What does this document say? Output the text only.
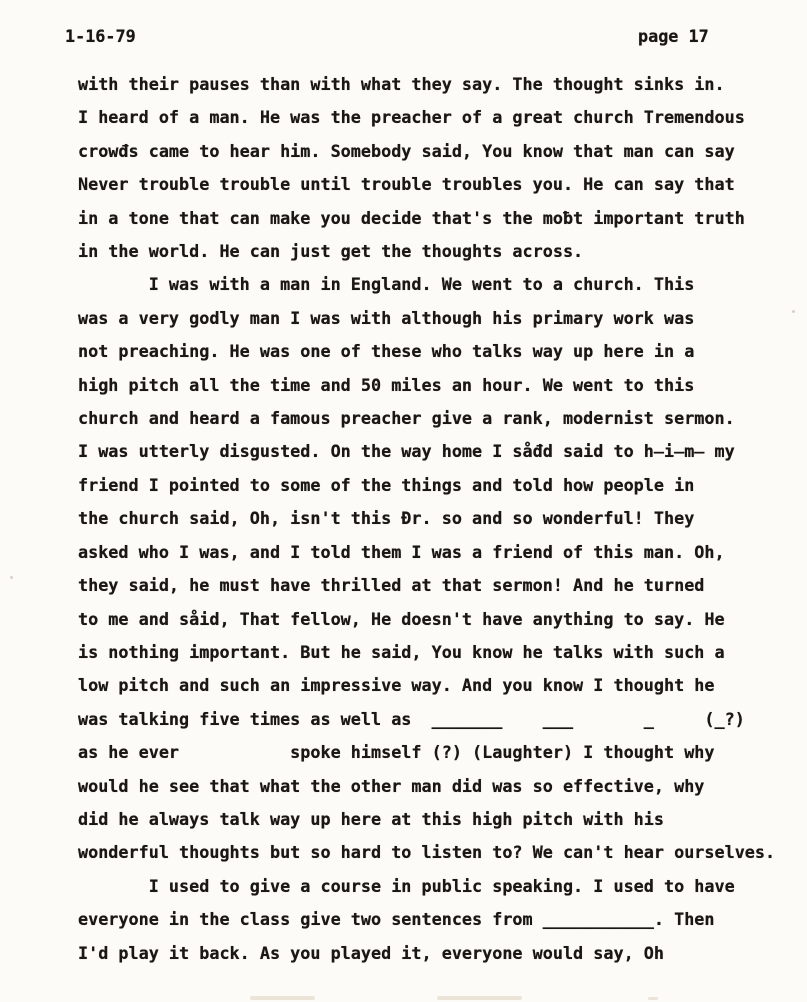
1-16-79	page 17
with their pauses than with what they say. The thought sinks in.
I heard of a man. He was the preacher of a great church Tremendous
crowđs came to hear him. Somebody said, You know that man can say
Never trouble trouble until trouble troubles you. He can say that
in a tone that can make you decide that's the moƀt important truth
in the world. He can just get the thoughts across.
I was with a man in England. We went to a church. This
was a very godly man I was with although his primary work was
not preaching. He was one of these who talks way up here in a
high pitch all the time and 50 miles an hour. We went to this
church and heard a famous preacher give a rank, modernist sermon.
I was utterly disgusted. On the way home I såđd said to h̶i̶m̶ my
friend I pointed to some of the things and told how people in
the church said, Oh, isn't this Đr. so and so wonderful! They
asked who I was, and I told them I was a friend of this man. Oh,
they said, he must have thrilled at that sermon! And he turned
to me and såid, That fellow, He doesn't have anything to say. He
is nothing important. But he said, You know he talks with such a
low pitch and such an impressive way. And you know I thought he
was talking five times as well as  _______    ___       _     (_?)
as he ever           spoke himself (?) (Laughter) I thought why
would he see that what the other man did was so effective, why
did he always talk way up here at this high pitch with his
wonderful thoughts but so hard to listen to? We can't hear ourselves.
I used to give a course in public speaking. I used to have
everyone in the class give two sentences from ___________. Then
I'd play it back. As you played it, everyone would say, Oh
